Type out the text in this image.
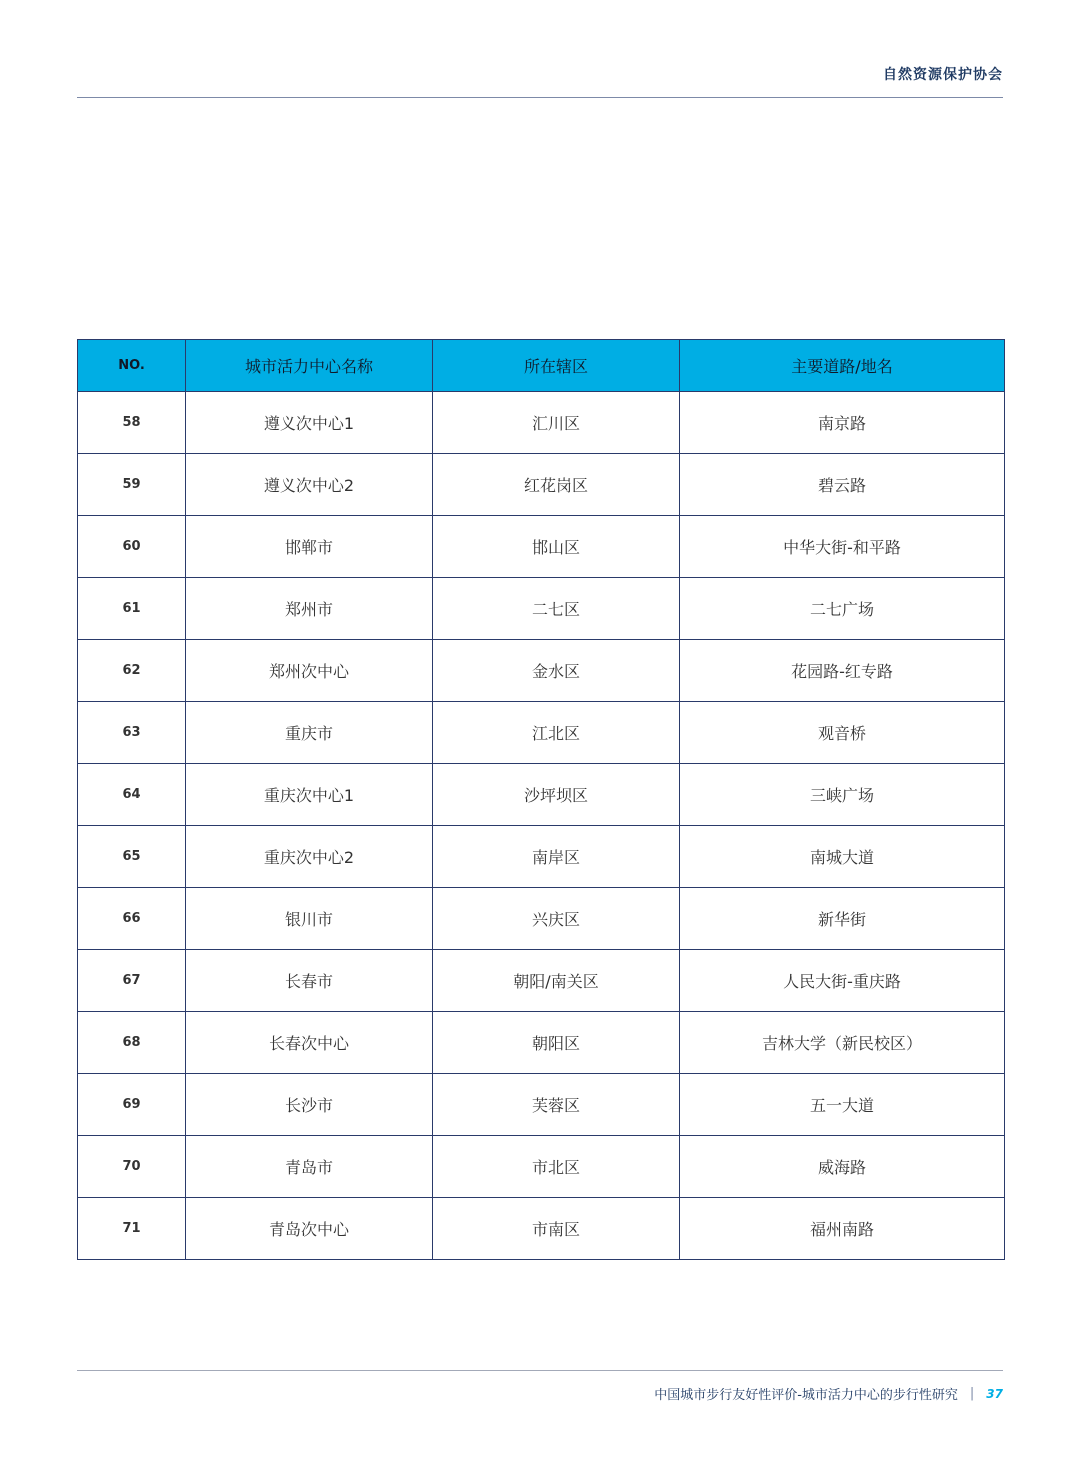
自然资源保护协会
NO.	城市活力中心名称	所在辖区	主要道路/地名
58	遵义次中心1	汇川区	南京路
59	遵义次中心2	红花岗区	碧云路
60	邯郸市	邯山区	中华大街-和平路
61	郑州市	二七区	二七广场
62	郑州次中心	金水区	花园路-红专路
63	重庆市	江北区	观音桥
64	重庆次中心1	沙坪坝区	三峡广场
65	重庆次中心2	南岸区	南城大道
66	银川市	兴庆区	新华街
67	长春市	朝阳/南关区	人民大街-重庆路
68	长春次中心	朝阳区	吉林大学（新民校区）
69	长沙市	芙蓉区	五一大道
70	青岛市	市北区	威海路
71	青岛次中心	市南区	福州南路
中国城市步行友好性评价-城市活力中心的步行性研究 | 37
